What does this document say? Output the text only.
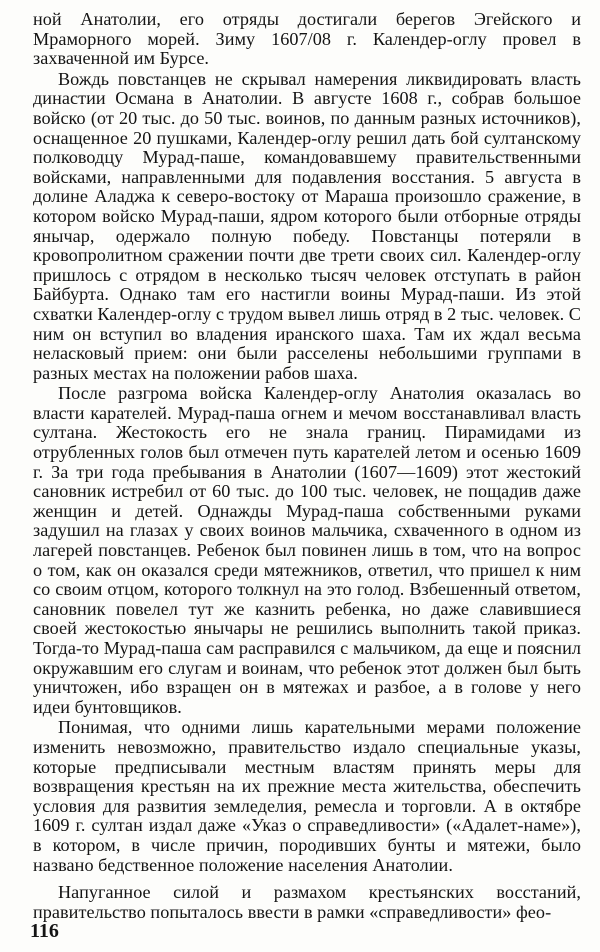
ной Анатолии, его отряды достигали берегов Эгейского и Мраморного морей. Зиму 1607/08 г. Календер-оглу провел в захваченной им Бурсе.

Вождь повстанцев не скрывал намерения ликвидировать власть династии Османа в Анатолии. В августе 1608 г., собрав большое войско (от 20 тыс. до 50 тыс. воинов, по данным разных источников), оснащенное 20 пушками, Календер-оглу решил дать бой султанскому полководцу Мурад-паше, командовавшему правительственными войсками, направленными для подавления восстания. 5 августа в долине Аладжа к северо-востоку от Мараша произошло сражение, в котором войско Мурад-паши, ядром которого были отборные отряды янычар, одержало полную победу. Повстанцы потеряли в кровопролитном сражении почти две трети своих сил. Календер-оглу пришлось с отрядом в несколько тысяч человек отступать в район Байбурта. Однако там его настигли воины Мурад-паши. Из этой схватки Календер-оглу с трудом вывел лишь отряд в 2 тыс. человек. С ним он вступил во владения иранского шаха. Там их ждал весьма неласковый прием: они были расселены небольшими группами в разных местах на положении рабов шаха.

После разгрома войска Календер-оглу Анатолия оказалась во власти карателей. Мурад-паша огнем и мечом восстанавливал власть султана. Жестокость его не знала границ. Пирамидами из отрубленных голов был отмечен путь карателей летом и осенью 1609 г. За три года пребывания в Анатолии (1607—1609) этот жестокий сановник истребил от 60 тыс. до 100 тыс. человек, не пощадив даже женщин и детей. Однажды Мурад-паша собственными руками задушил на глазах у своих воинов мальчика, схваченного в одном из лагерей повстанцев. Ребенок был повинен лишь в том, что на вопрос о том, как он оказался среди мятежников, ответил, что пришел к ним со своим отцом, которого толкнул на это голод. Взбешенный ответом, сановник повелел тут же казнить ребенка, но даже славившиеся своей жестокостью янычары не решились выполнить такой приказ. Тогда-то Мурад-паша сам расправился с мальчиком, да еще и пояснил окружавшим его слугам и воинам, что ребенок этот должен был быть уничтожен, ибо взращен он в мятежах и разбое, а в голове у него идеи бунтовщиков.

Понимая, что одними лишь карательными мерами положение изменить невозможно, правительство издало специальные указы, которые предписывали местным властям принять меры для возвращения крестьян на их прежние места жительства, обеспечить условия для развития земледелия, ремесла и торговли. А в октябре 1609 г. султан издал даже «Указ о справедливости» («Адалет-наме»), в котором, в числе причин, породивших бунты и мятежи, было названо бедственное положение населения Анатолии.

Напуганное силой и размахом крестьянских восстаний, правительство попыталось ввести в рамки «справедливости» фео-

116
